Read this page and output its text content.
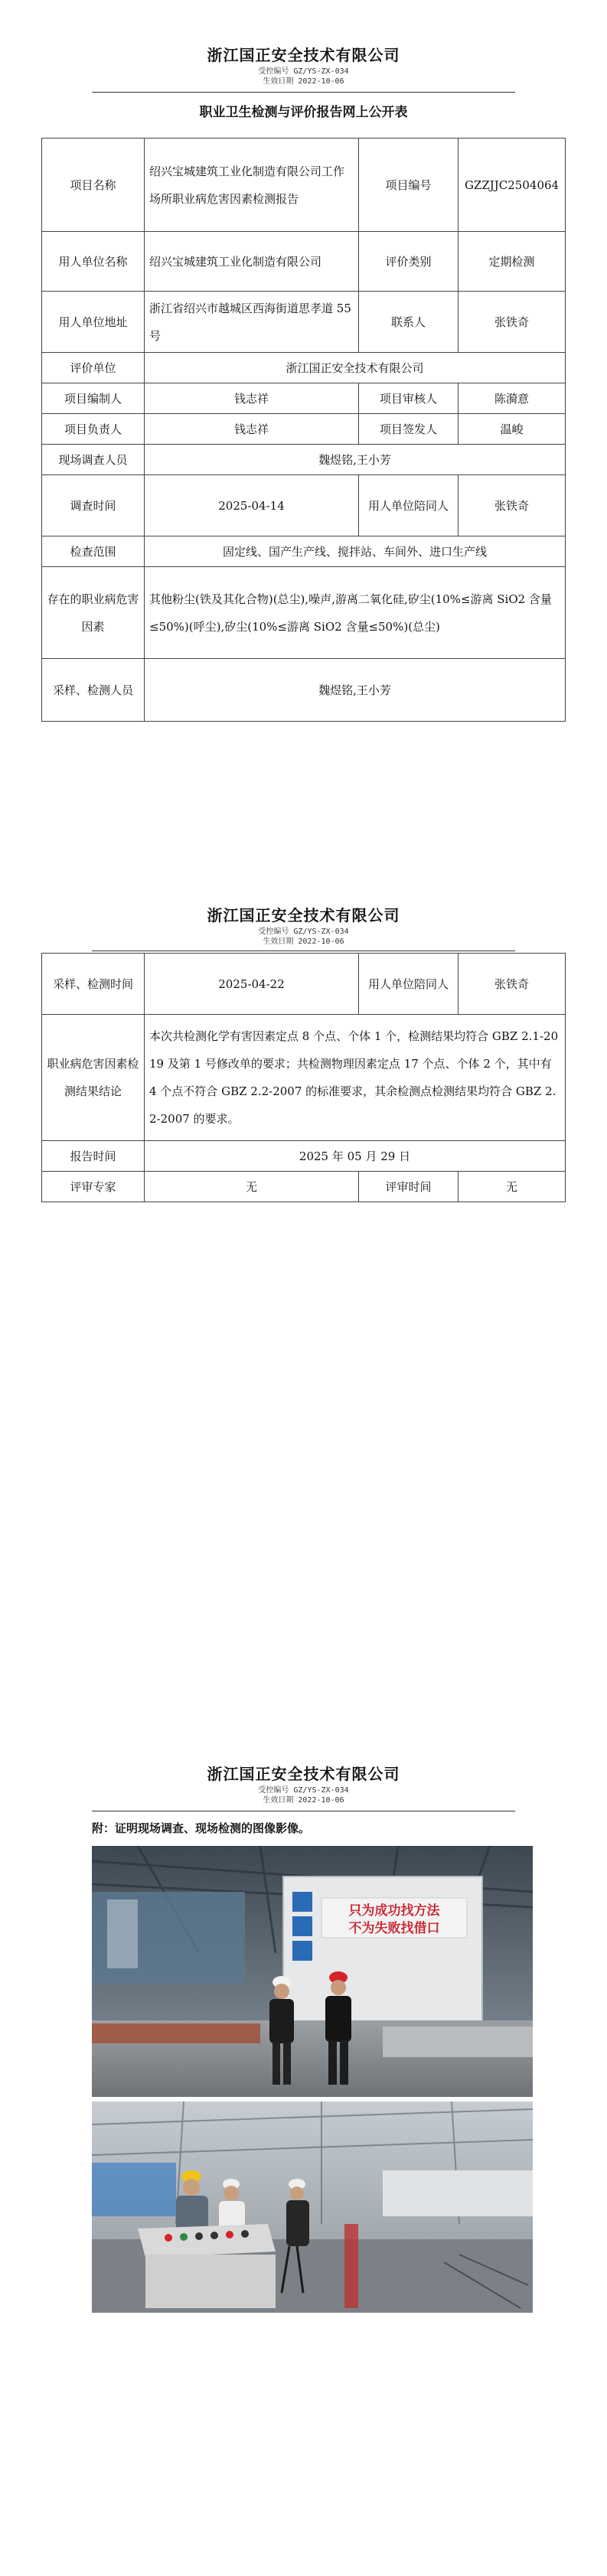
浙江国正安全技术有限公司
受控编号 GZ/YS-ZX-034
生效日期 2022-10-06
职业卫生检测与评价报告网上公开表
项目名称	绍兴宝城建筑工业化制造有限公司工作场所职业病危害因素检测报告	项目编号	GZZJJC2504064
用人单位名称	绍兴宝城建筑工业化制造有限公司	评价类别	定期检测
用人单位地址	浙江省绍兴市越城区西海街道思孝道 55 号	联系人	张铁奇
评价单位	浙江国正安全技术有限公司		
项目编制人	钱志祥	项目审核人	陈漪意
项目负责人	钱志祥	项目签发人	温峻
现场调查人员	魏煜铭,王小芳		
调查时间	2025-04-14	用人单位陪同人	张铁奇
检查范围	固定线、国产生产线、搅拌站、车间外、进口生产线		
存在的职业病危害因素	其他粉尘(铁及其化合物)(总尘),噪声,游离二氧化硅,矽尘(10%≤游离 SiO2 含量≤50%)(呼尘),矽尘(10%≤游离 SiO2 含量≤50%)(总尘)		
采样、检测人员	魏煜铭,王小芳		
浙江国正安全技术有限公司
受控编号 GZ/YS-ZX-034
生效日期 2022-10-06
采样、检测时间	2025-04-22	用人单位陪同人	张铁奇
职业病危害因素检测结果结论	本次共检测化学有害因素定点 8 个点、个体 1 个，检测结果均符合 GBZ 2.1-2019 及第 1 号修改单的要求；共检测物理因素定点 17 个点、个体 2 个，其中有 4 个点不符合 GBZ 2.2-2007 的标准要求，其余检测点检测结果均符合 GBZ 2.2-2007 的要求。		
报告时间	2025 年 05 月 29 日		
评审专家	无	评审时间	无
浙江国正安全技术有限公司
受控编号 GZ/YS-ZX-034
生效日期 2022-10-06
附：证明现场调查、现场检测的图像影像。
只为成功找方法
不为失败找借口
